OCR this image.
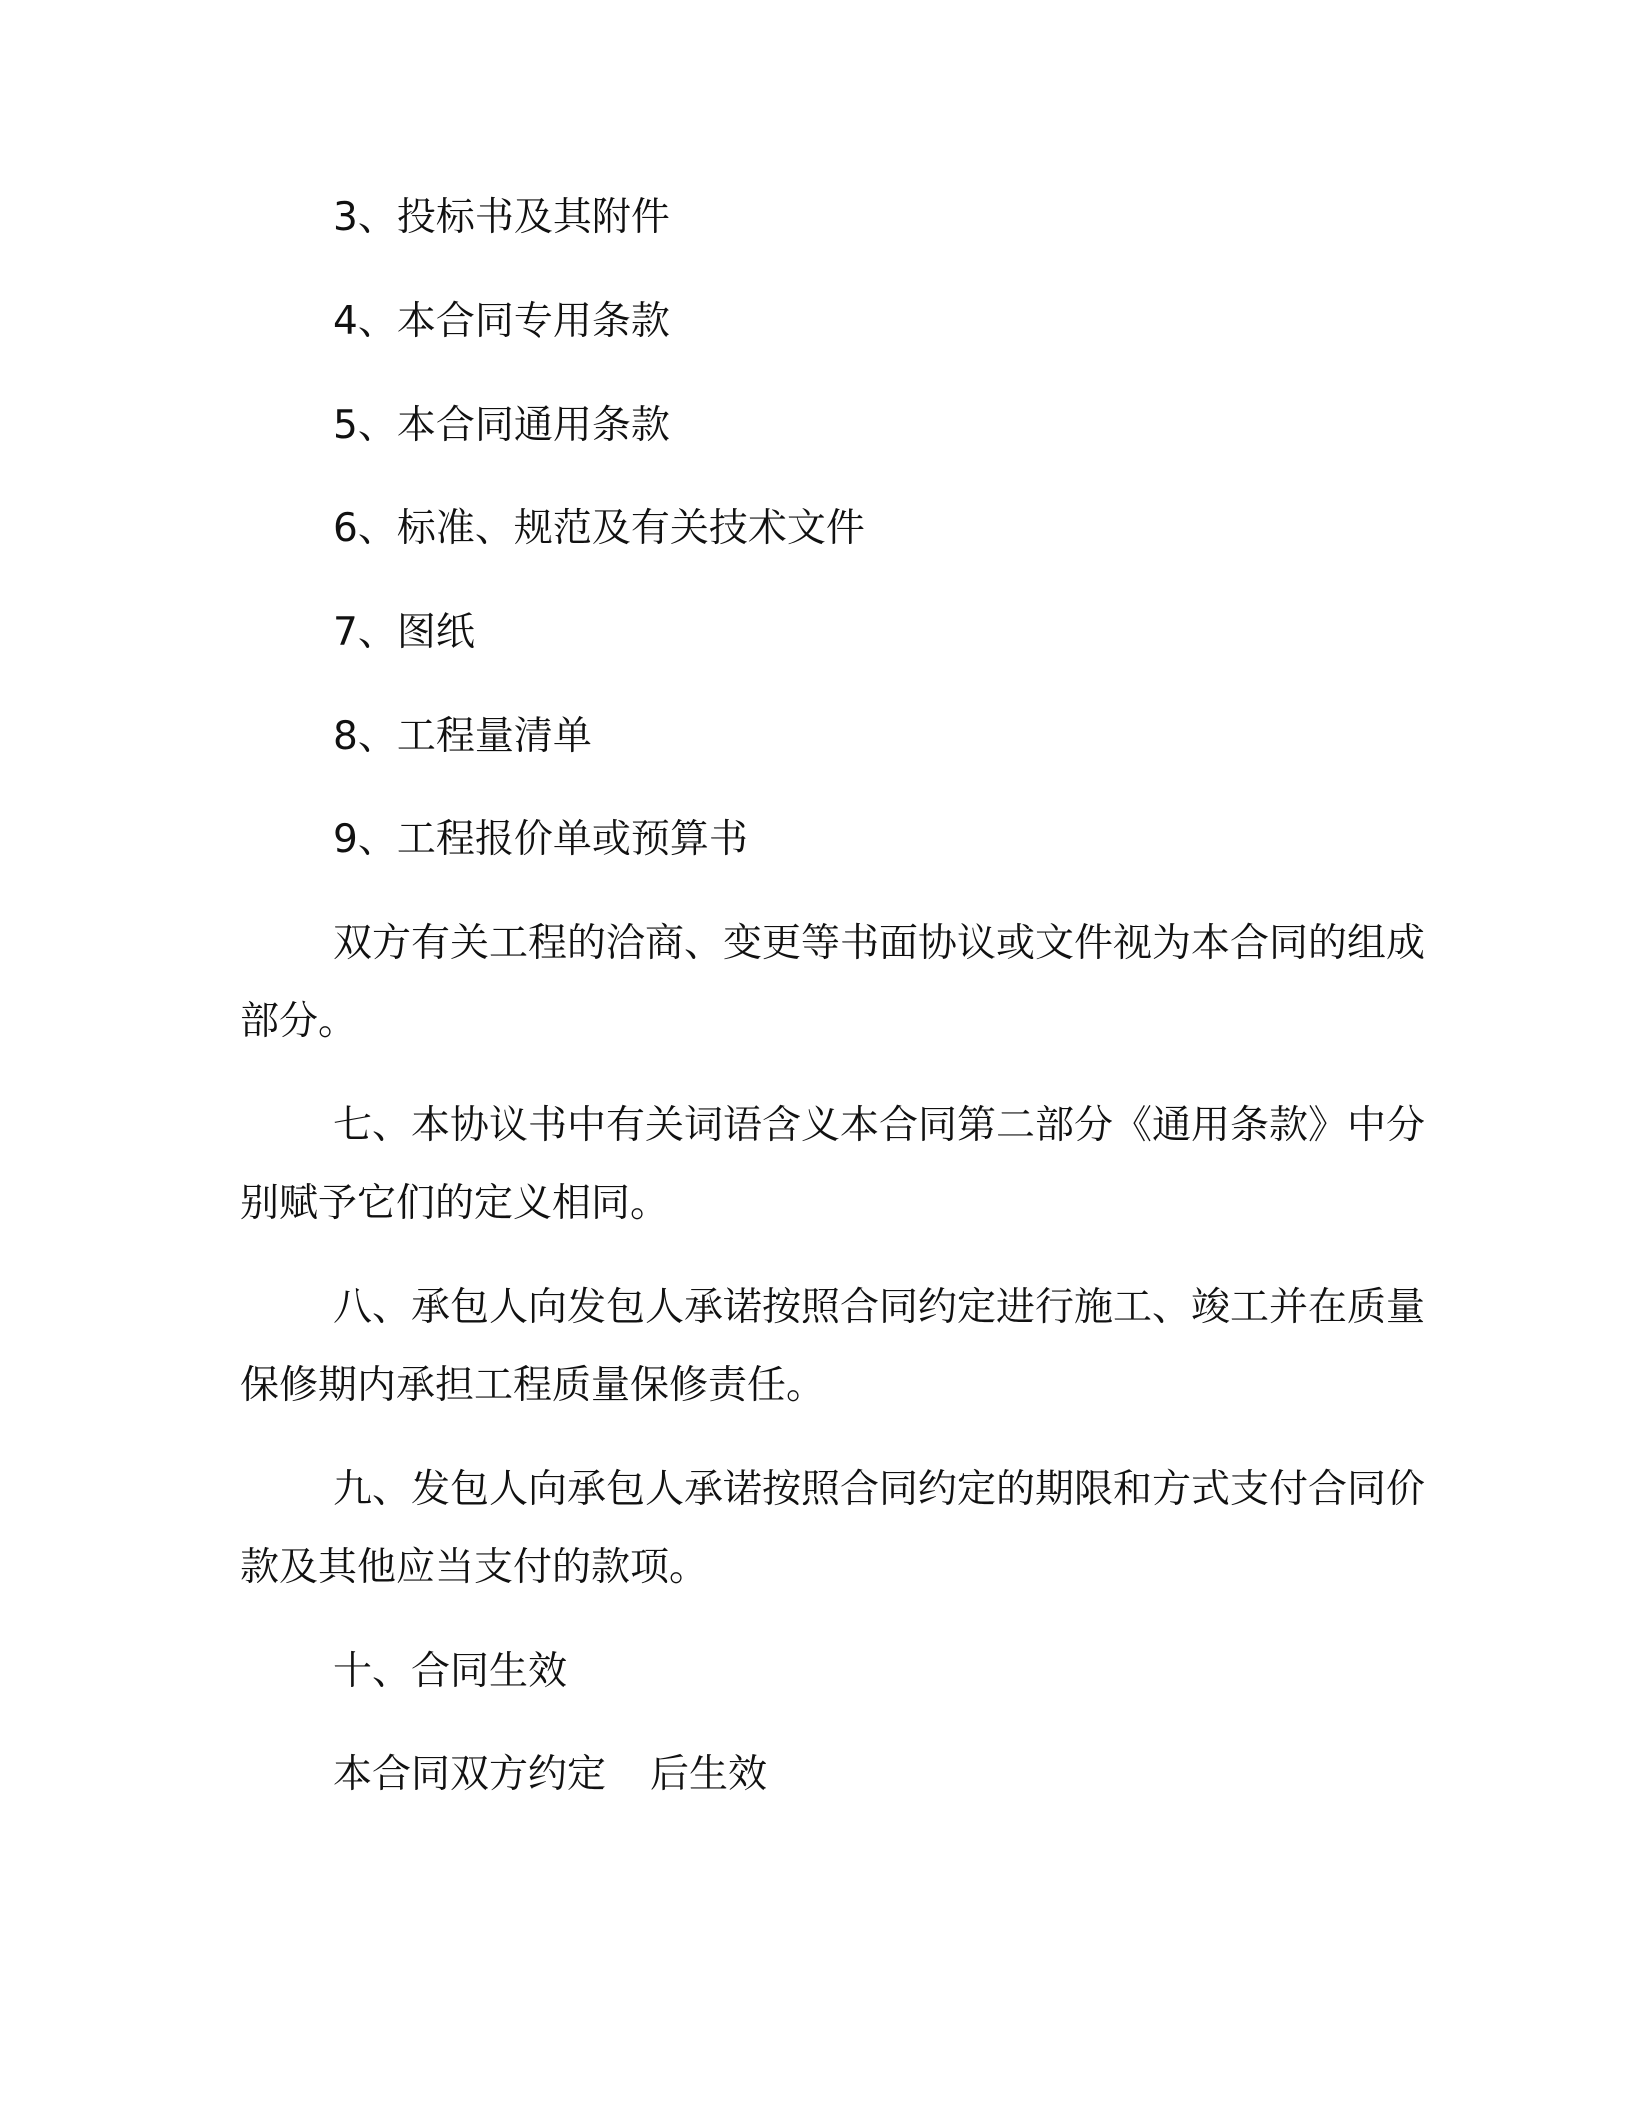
3、投标书及其附件
4、本合同专用条款
5、本合同通用条款
6、标准、规范及有关技术文件
7、图纸
8、工程量清单
9、工程报价单或预算书
双方有关工程的洽商、变更等书面协议或文件视为本合同的组成
部分。
七、本协议书中有关词语含义本合同第二部分《通用条款》中分
别赋予它们的定义相同。
八、承包人向发包人承诺按照合同约定进行施工、竣工并在质量
保修期内承担工程质量保修责任。
九、发包人向承包人承诺按照合同约定的期限和方式支付合同价
款及其他应当支付的款项。
十、合同生效
本合同双方约定 后生效
